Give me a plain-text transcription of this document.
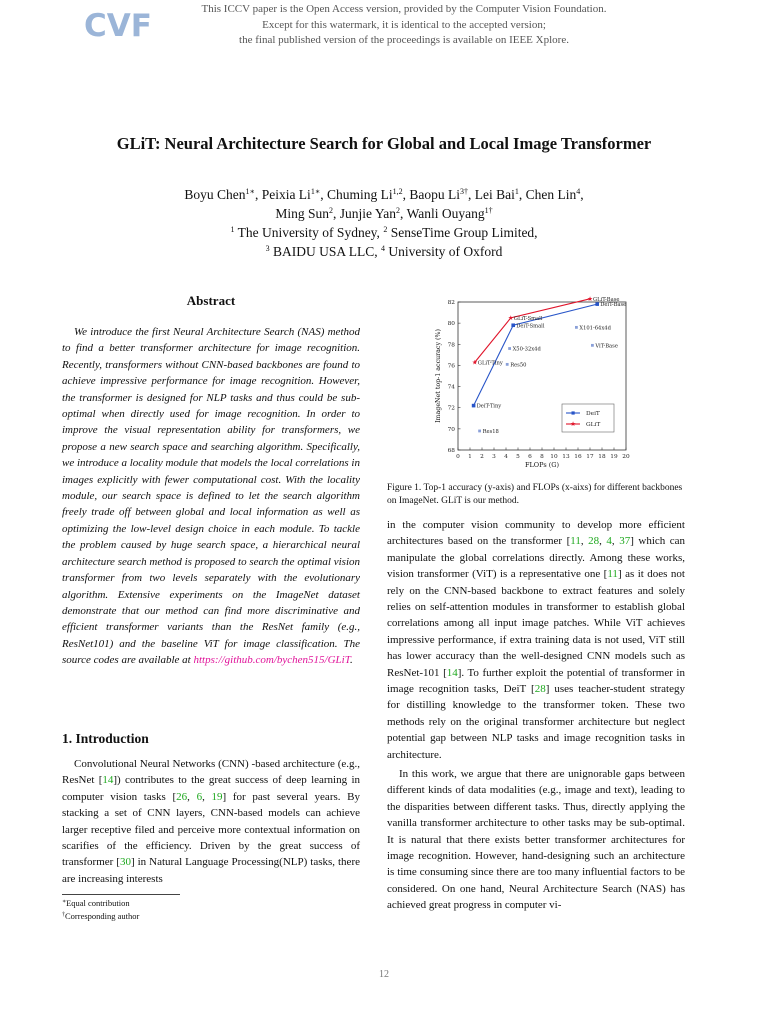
CVF	This ICCV paper is the Open Access version, provided by the Computer Vision Foundation.
Except for this watermark, it is identical to the accepted version;
the final published version of the proceedings is available on IEEE Xplore.
GLiT: Neural Architecture Search for Global and Local Image Transformer
Boyu Chen$^{1∗}$, Peixia $Li^{1∗}$, Chuming Li$^{1,2}$, Baopu $Li^{3\dagger}$, Lei Bai$^1$, Chen Lin$^4$,
Ming Sun$^2$, Junjie Yan$^2$, Wanli Ouyang$^{1\dagger}$
$^1$ The University of Sydney, $^2$ SenseTime Group Limited,
$^3$ BAIDU USA LLC, $^4$ University of Oxford
Abstract
We introduce the first Neural Architecture Search (NAS) method to find a better transformer architecture for image recognition. Recently, transformers without CNN-based backbones are found to achieve impressive performance for image recognition. However, the transformer is designed for NLP tasks and thus could be sub-optimal when directly used for image recognition. In order to improve the visual representation ability for transformers, we propose a new search space and searching algorithm. Specifically, we introduce a locality module that models the local correlations in images explicitly with fewer computational cost. With the locality module, our search space is defined to let the search algorithm freely trade off between global and local information as well as optimizing the low-level design choice in each module. To tackle the problem caused by huge search space, a hierarchical neural architecture search method is proposed to search the optimal vision transformer from two levels separately with the evolutionary algorithm. Extensive experiments on the ImageNet dataset demonstrate that our method can find more discriminative and efficient transformer variants than the ResNet family (e.g., ResNet101) and the baseline ViT for image classification. The source codes are available at https://github.com/bychen515/GLiT.
1. Introduction
Convolutional Neural Networks (CNN) -based architecture (e.g., ResNet [14]) contributes to the great success of deep learning in computer vision tasks [26, 6, 19] for past several years. By stacking a set of CNN layers, CNN-based models can achieve larger receptive filed and perceive more contextual information on scarifies of the efficiency. Driven by the great success of transformer [30] in Natural Language Processing(NLP) tasks, there are increasing interests
∗Equal contribution
†Corresponding author
0 1 2 3 4 5 6 8 10 13 16 17 18 19 20
68
70
72
74
76
78
80
82
FLOPs (G)
ImageNet top-1 accuracy (%)	DeiT-Tiny
DeiT-Small
DeiT-Base
★ GLiT-Tiny
★ GLiT-Small
★ GLiT-Base
Res18
Res50
X50-32x4d
X101-64x4d
ViT-Base
DeiT
★ GLiT
Figure 1. Top-1 accuracy (y-axis) and FLOPs (x-aixs) for different backbones on ImageNet. GLiT is our method.
in the computer vision community to develop more efficient architectures based on the transformer [11, 28, 4, 37] which can manipulate the global correlations directly. Among these works, vision transformer (ViT) is a representative one [11] as it does not rely on the CNN-based backbone to extract features and solely relies on self-attention modules in transformer to establish global correlations among all input image patches. While ViT achieves impressive performance, if extra training data is not used, ViT still has lower accuracy than the well-designed CNN models such as ResNet-101 [14]. To further exploit the potential of transformer in image recognition tasks, DeiT [28] uses teacher-student strategy for distilling knowledge to the transformer token. These two methods rely on the original transformer architecture but neglect potential gap between NLP tasks and image recognition tasks in architecture.
In this work, we argue that there are unignorable gaps between different kinds of data modalities (e.g., image and text), leading to the disparities between different tasks. Thus, directly applying the vanilla transformer architecture to other tasks may be sub-optimal. It is natural that there exists better transformer architectures for image recognition. However, hand-designing such an architecture is time consuming since there are too many influential factors to be considered. On one hand, Neural Architecture Search (NAS) has achieved great progress in computer vi-
12
